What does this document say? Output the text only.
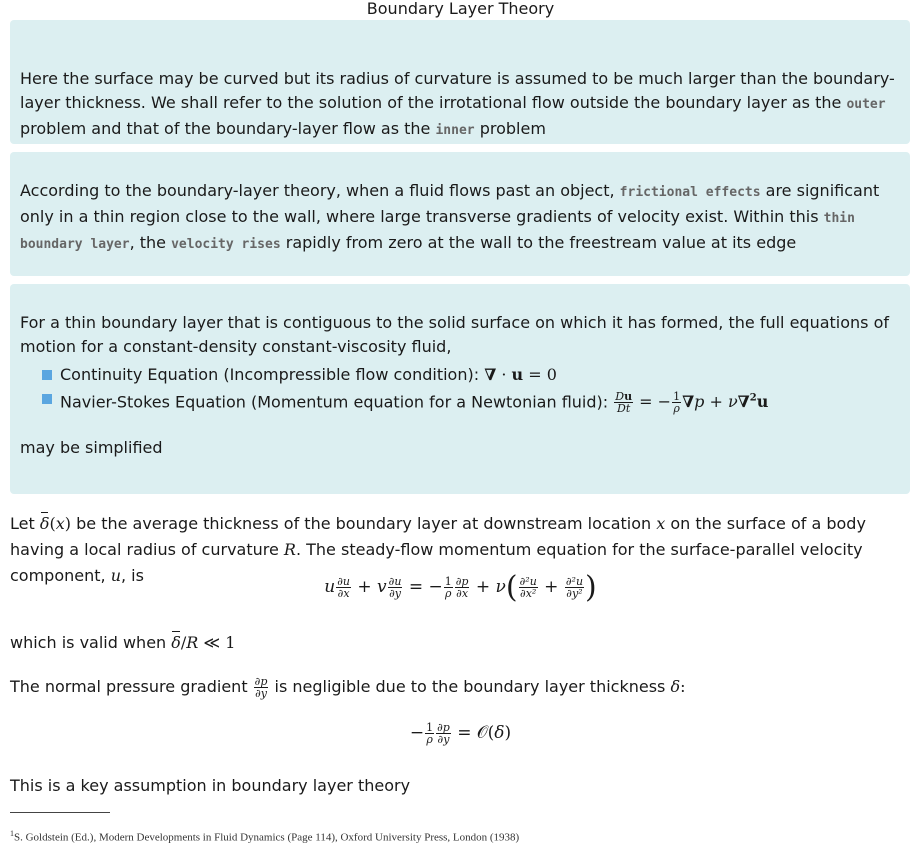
Boundary Layer Theory
Here the surface may be curved but its radius of curvature is assumed to be much larger than the boundary-layer thickness. We shall refer to the solution of the irrotational flow outside the boundary layer as the outer problem and that of the boundary-layer flow as the inner problem
According to the boundary-layer theory, when a fluid flows past an object, frictional effects are significant only in a thin region close to the wall, where large transverse gradients of velocity exist. Within this thin boundary layer, the velocity rises rapidly from zero at the wall to the freestream value at its edge
For a thin boundary layer that is contiguous to the solid surface on which it has formed, the full equations of motion for a constant-density constant-viscosity fluid,
Continuity Equation (Incompressible flow condition): ∇ · u = 0
Navier-Stokes Equation (Momentum equation for a Newtonian fluid): $\frac{Du}{Dt}$ = − $\frac{1}{\rho} \nabla p + \nu\nabla^2u$
may be simplified
Let δ(x) be the average thickness of the boundary layer at downstream location x on the surface of a body having a local radius of curvature R. The steady-flow momentum equation for the surface-parallel velocity component, u, is
u $\frac{\partial u}{\partial x} + v \frac{\partial u}{\partial y}$ = − $\frac{1}{\rho} \frac{\partial p}{\partial x} + \nu( \frac{\text{∂²u}}{\text{∂x²}} + \frac{\text{∂²u}}{\text{∂y²}}$ )
which is valid when δ/R ≪ 1
The normal pressure gradient $\frac{\partial p}{\partial y}$ is negligible due to the boundary layer thickness δ:
− $\frac{1}{\rho} \frac{\partial p}{\partial y}$ = 𝒪(δ)
This is a key assumption in boundary layer theory
$^1$S. Goldstein (Ed.), Modern Developments in Fluid Dynamics (Page 114), Oxford University Press, London (1938)
